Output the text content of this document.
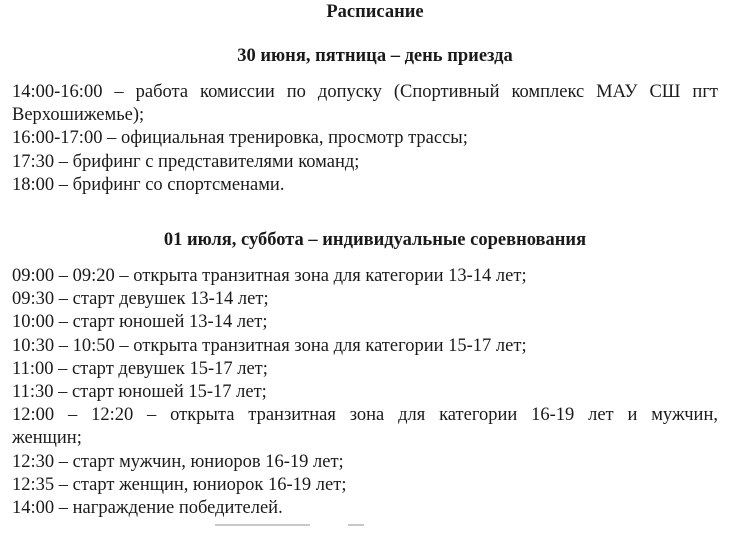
Расписание
30 июня, пятница – день приезда
14:00-16:00 – работа комиссии по допуску (Спортивный комплекс МАУ СШ пгт Верхошижемье);
16:00-17:00 – официальная тренировка, просмотр трассы;
17:30 – брифинг с представителями команд;
18:00 – брифинг со спортсменами.
01 июля, суббота – индивидуальные соревнования
09:00 – 09:20 – открыта транзитная зона для категории 13-14 лет;
09:30 – старт девушек 13-14 лет;
10:00 – старт юношей 13-14 лет;
10:30 – 10:50 – открыта транзитная зона для категории 15-17 лет;
11:00 – старт девушек 15-17 лет;
11:30 – старт юношей 15-17 лет;
12:00 – 12:20 – открыта транзитная зона для категории 16-19 лет и мужчин, женщин;
12:30 – старт мужчин, юниоров 16-19 лет;
12:35 – старт женщин, юниорок 16-19 лет;
14:00 – награждение победителей.
